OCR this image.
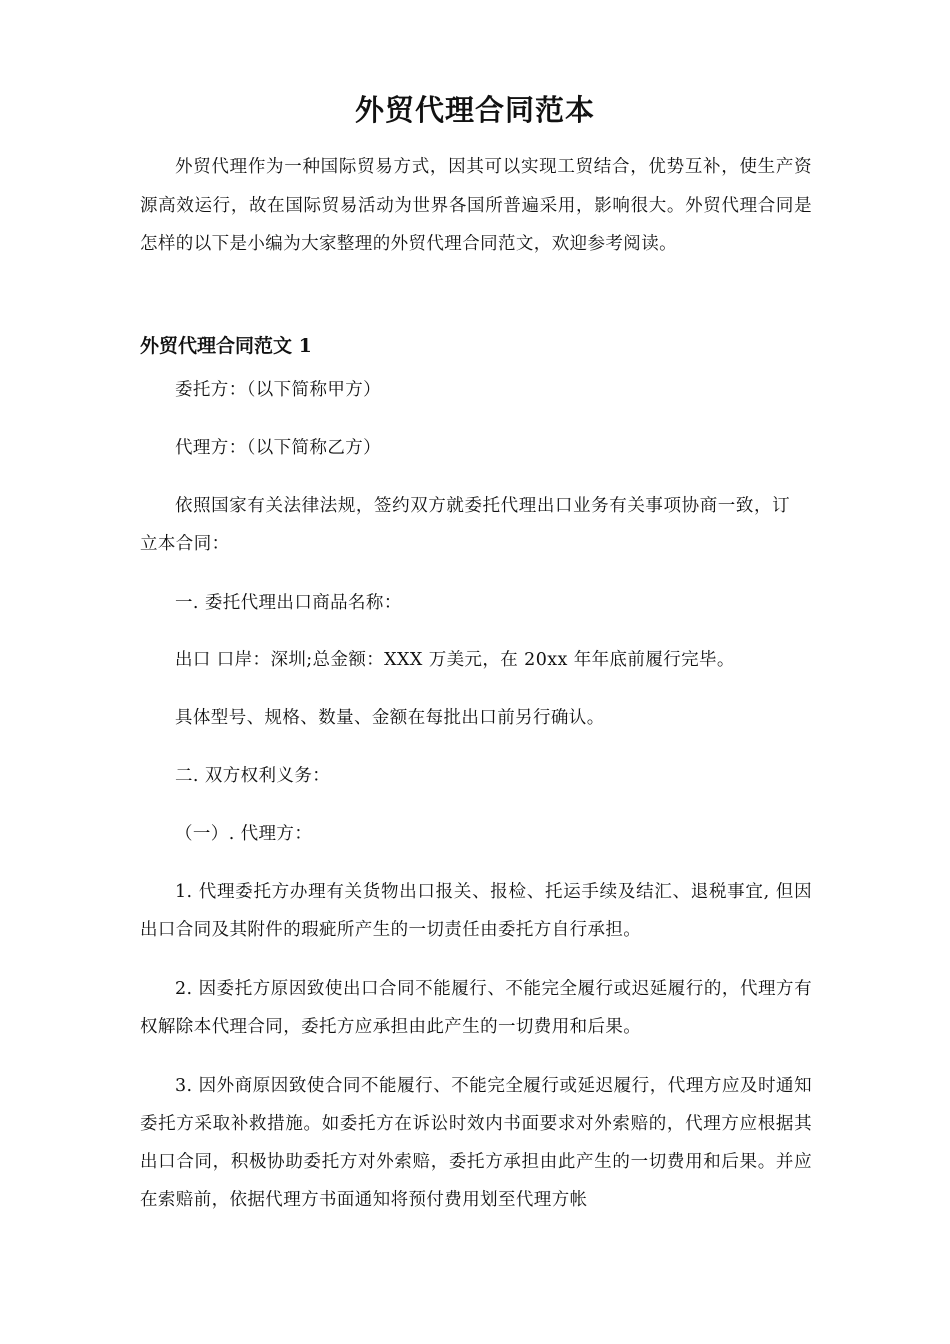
外贸代理合同范本
外贸代理作为一种国际贸易方式，因其可以实现工贸结合，优势互补，使生产资源高效运行，故在国际贸易活动为世界各国所普遍采用，影响很大。外贸代理合同是怎样的以下是小编为大家整理的外贸代理合同范文，欢迎参考阅读。
外贸代理合同范文 1
委托方：（以下简称甲方）
代理方：（以下简称乙方）
依照国家有关法律法规，签约双方就委托代理出口业务有关事项协商一致，订立本合同：
一. 委托代理出口商品名称：
出口 口岸：深圳;总金额：XXX 万美元，在 20xx 年年底前履行完毕。
具体型号、规格、数量、金额在每批出口前另行确认。
二. 双方权利义务：
（一）. 代理方：
1. 代理委托方办理有关货物出口报关、报检、托运手续及结汇、退税事宜, 但因出口合同及其附件的瑕疵所产生的一切责任由委托方自行承担。
2. 因委托方原因致使出口合同不能履行、不能完全履行或迟延履行的，代理方有权解除本代理合同，委托方应承担由此产生的一切费用和后果。
3. 因外商原因致使合同不能履行、不能完全履行或延迟履行，代理方应及时通知委托方采取补救措施。如委托方在诉讼时效内书面要求对外索赔的，代理方应根据其出口合同，积极协助委托方对外索赔，委托方承担由此产生的一切费用和后果。并应在索赔前，依据代理方书面通知将预付费用划至代理方帐
